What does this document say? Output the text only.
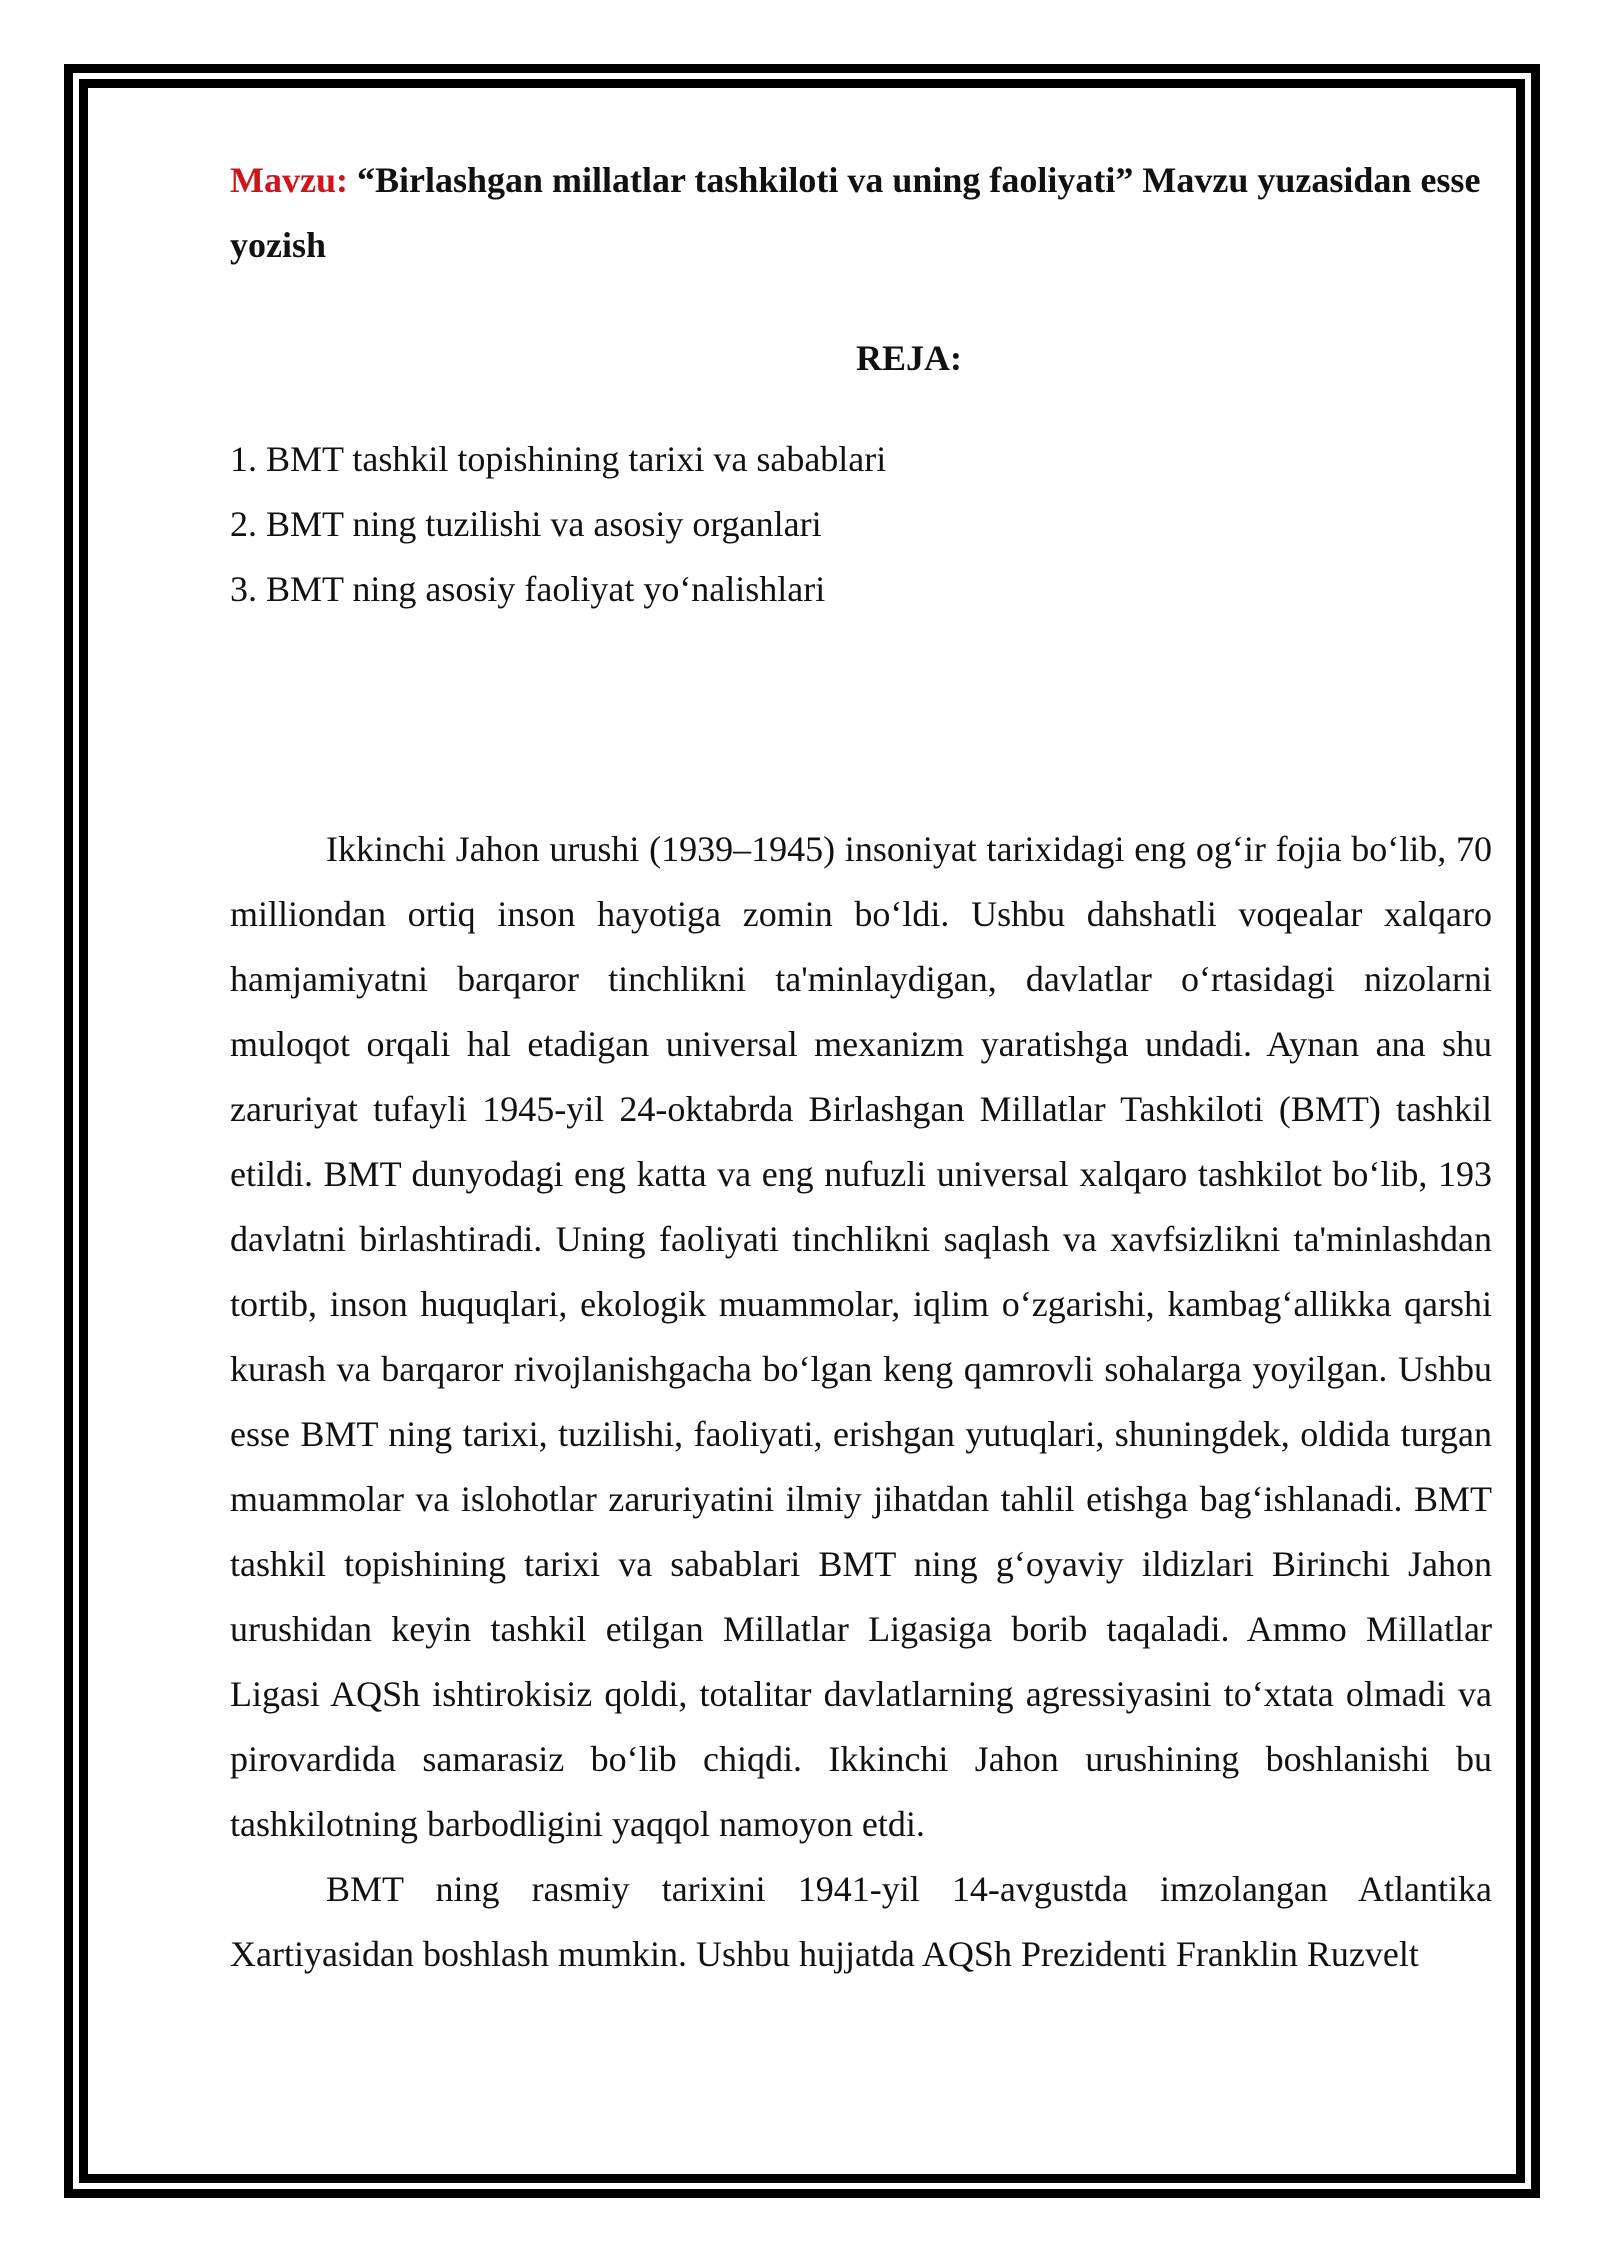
Mavzu: “Birlashgan millatlar tashkiloti va uning faoliyati” Mavzu yuzasidan esse yozish

REJA:
1. BMT tashkil topishining tarixi va sabablari
2. BMT ning tuzilishi va asosiy organlari
3. BMT ning asosiy faoliyat yo‘nalishlari

Ikkinchi Jahon urushi (1939–1945) insoniyat tarixidagi eng og‘ir fojia bo‘lib, 70 milliondan ortiq inson hayotiga zomin bo‘ldi. Ushbu dahshatli voqealar xalqaro hamjamiyatni barqaror tinchlikni ta'minlaydigan, davlatlar o‘rtasidagi nizolarni muloqot orqali hal etadigan universal mexanizm yaratishga undadi. Aynan ana shu zaruriyat tufayli 1945-yil 24-oktabrda Birlashgan Millatlar Tashkiloti (BMT) tashkil etildi. BMT dunyodagi eng katta va eng nufuzli universal xalqaro tashkilot bo‘lib, 193 davlatni birlashtiradi. Uning faoliyati tinchlikni saqlash va xavfsizlikni ta'minlashdan tortib, inson huquqlari, ekologik muammolar, iqlim o‘zgarishi, kambag‘allikka qarshi kurash va barqaror rivojlanishgacha bo‘lgan keng qamrovli sohalarga yoyilgan. Ushbu esse BMT ning tarixi, tuzilishi, faoliyati, erishgan yutuqlari, shuningdek, oldida turgan muammolar va islohotlar zaruriyatini ilmiy jihatdan tahlil etishga bag‘ishlanadi. BMT tashkil topishining tarixi va sabablari BMT ning g‘oyaviy ildizlari Birinchi Jahon urushidan keyin tashkil etilgan Millatlar Ligasiga borib taqaladi. Ammo Millatlar Ligasi AQSh ishtirokisiz qoldi, totalitar davlatlarning agressiyasini to‘xtata olmadi va pirovardida samarasiz bo‘lib chiqdi. Ikkinchi Jahon urushining boshlanishi bu tashkilotning barbodligini yaqqol namoyon etdi.

BMT ning rasmiy tarixini 1941-yil 14-avgustda imzolangan Atlantika Xartiyasidan boshlash mumkin. Ushbu hujjatda AQSh Prezidenti Franklin Ruzvelt
